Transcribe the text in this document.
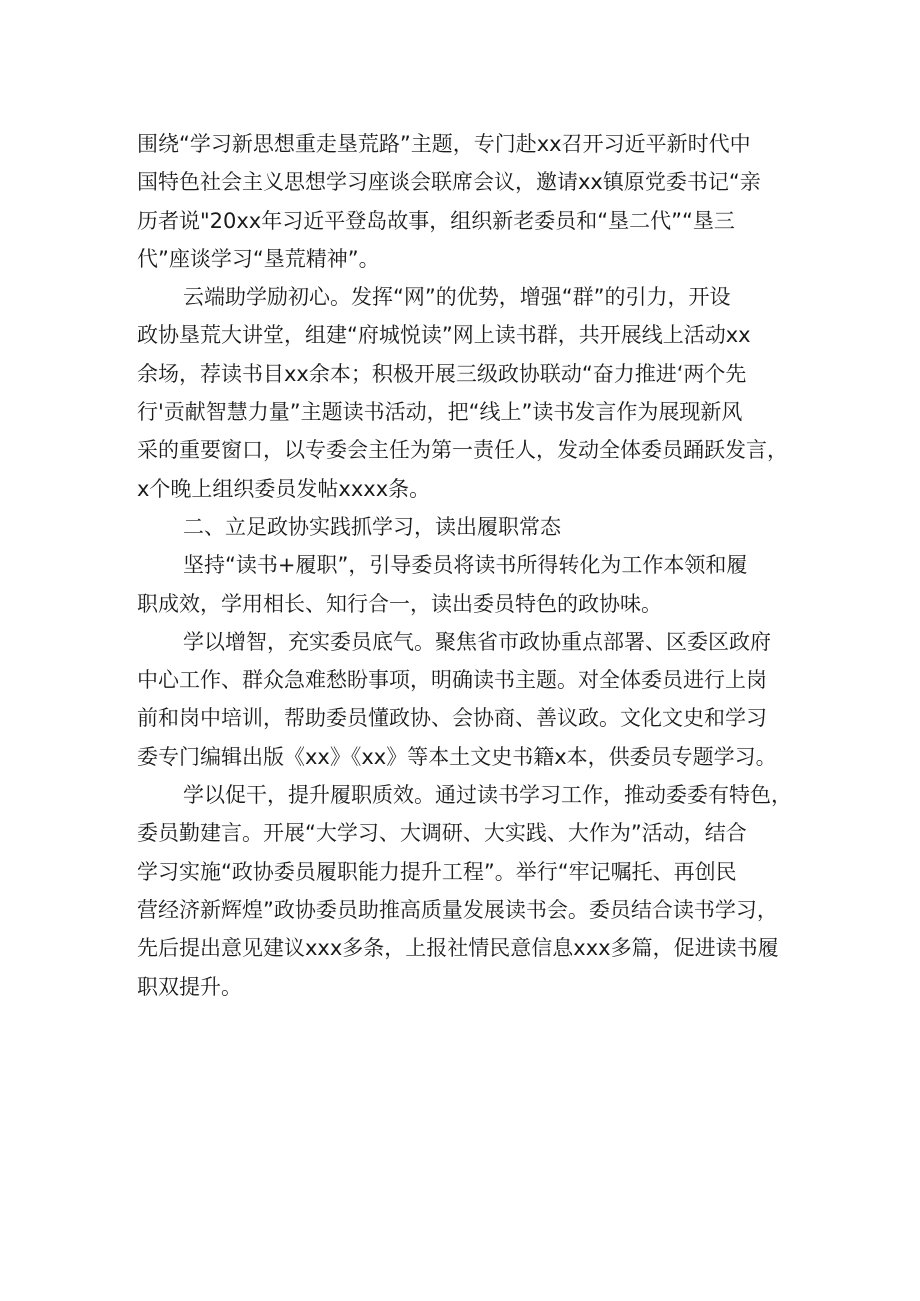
围绕“学习新思想重走垦荒路”主题，专门赴xx召开习近平新时代中
国特色社会主义思想学习座谈会联席会议，邀请xx镇原党委书记“亲
历者说"20xx年习近平登岛故事，组织新老委员和“垦二代”“垦三
代”座谈学习“垦荒精神”。
云端助学励初心。发挥“网”的优势，增强“群”的引力，开设
政协垦荒大讲堂，组建“府城悦读”网上读书群，共开展线上活动xx
余场，荐读书目xx余本；积极开展三级政协联动“奋力推进‘两个先
行'贡献智慧力量”主题读书活动，把“线上”读书发言作为展现新风
采的重要窗口，以专委会主任为第一责任人，发动全体委员踊跃发言，
x个晚上组织委员发帖xxxx条。
二、立足政协实践抓学习，读出履职常态
坚持“读书+履职”，引导委员将读书所得转化为工作本领和履
职成效，学用相长、知行合一，读出委员特色的政协味。
学以增智，充实委员底气。聚焦省市政协重点部署、区委区政府
中心工作、群众急难愁盼事项，明确读书主题。对全体委员进行上岗
前和岗中培训，帮助委员懂政协、会协商、善议政。文化文史和学习
委专门编辑出版《xx》《xx》等本土文史书籍x本，供委员专题学习。
学以促干，提升履职质效。通过读书学习工作，推动委委有特色，
委员勤建言。开展“大学习、大调研、大实践、大作为”活动，结合
学习实施“政协委员履职能力提升工程”。举行“牢记嘱托、再创民
营经济新辉煌”政协委员助推高质量发展读书会。委员结合读书学习，
先后提出意见建议xxx多条，上报社情民意信息xxx多篇，促进读书履
职双提升。
